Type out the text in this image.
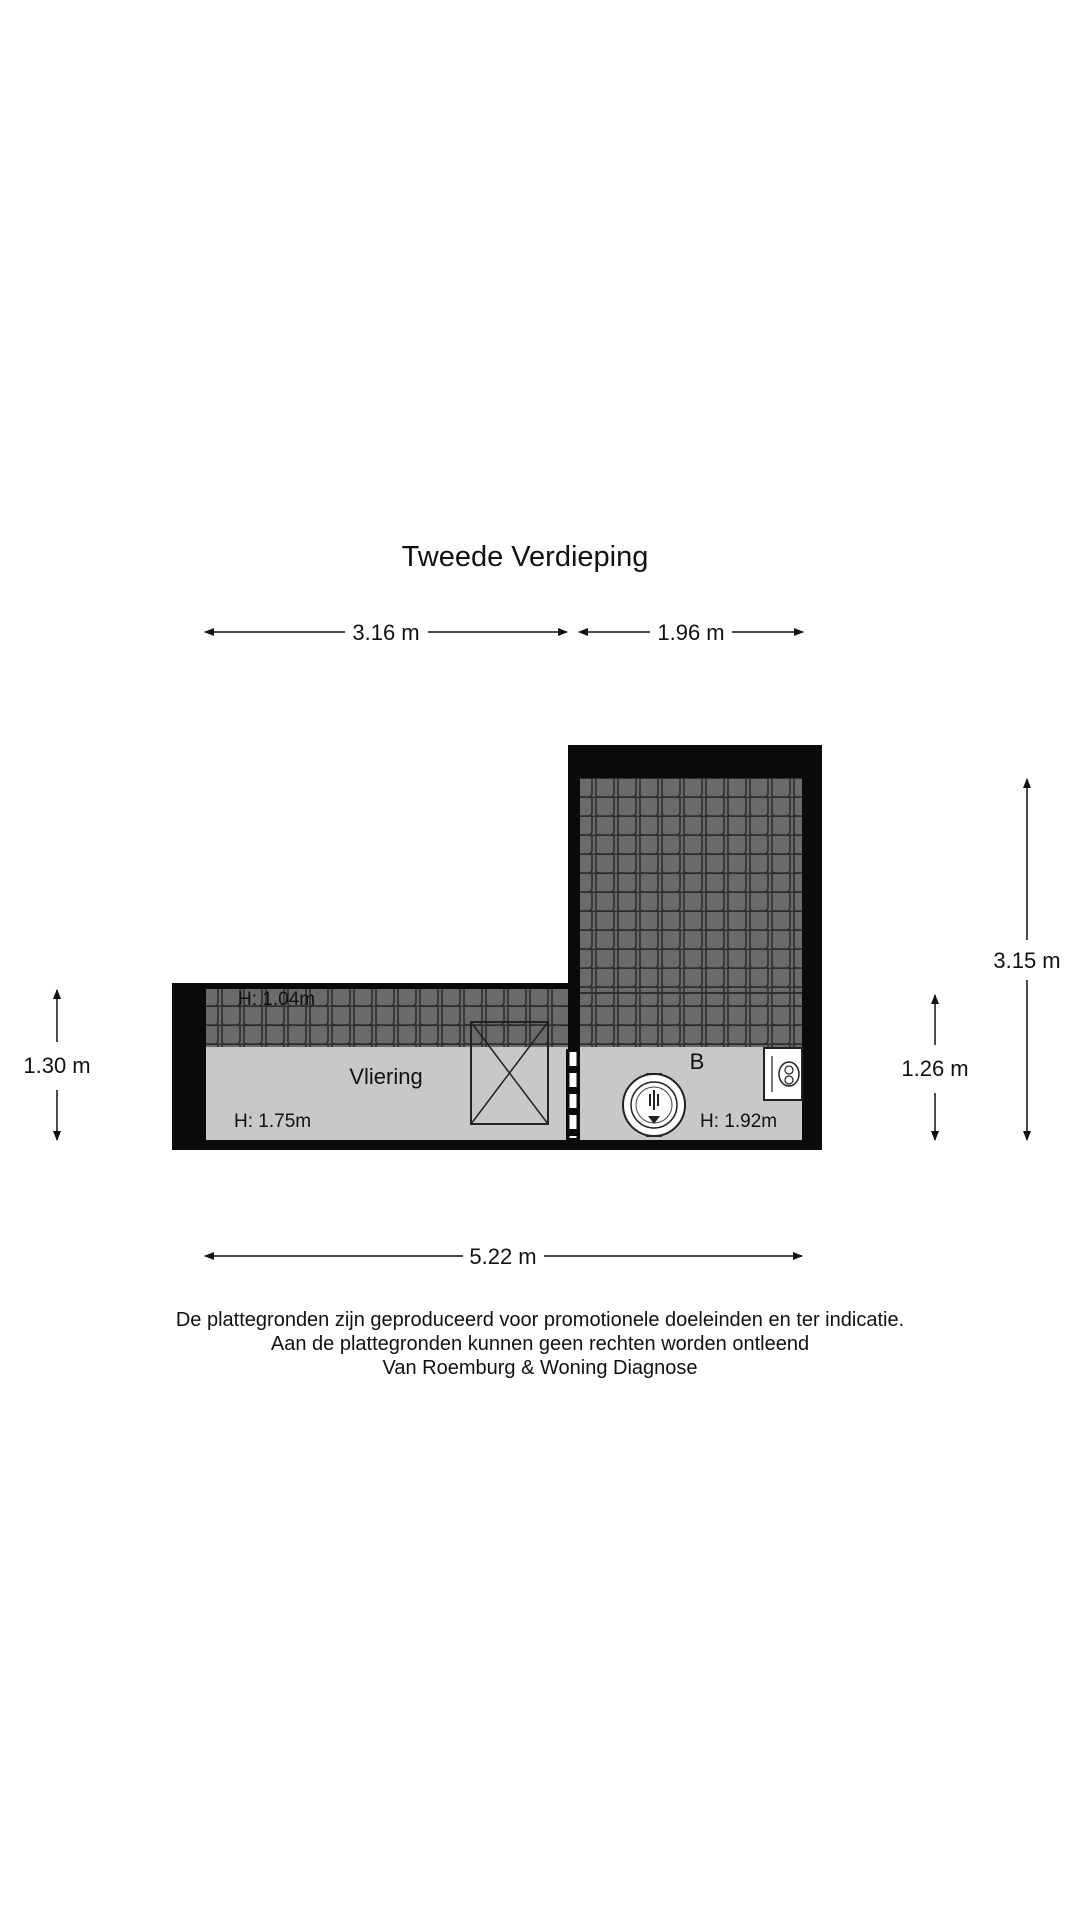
Tweede Verdieping
3.16 m	1.96 m
1.30 m	1.26 m
3.15 m
H: 1.04m
Vliering
H: 1.75m
B
H: 1.92m
5.22 m
De plattegronden zijn geproduceerd voor promotionele doeleinden en ter indicatie.
Aan de plattegronden kunnen geen rechten worden ontleend
Van Roemburg & Woning Diagnose
